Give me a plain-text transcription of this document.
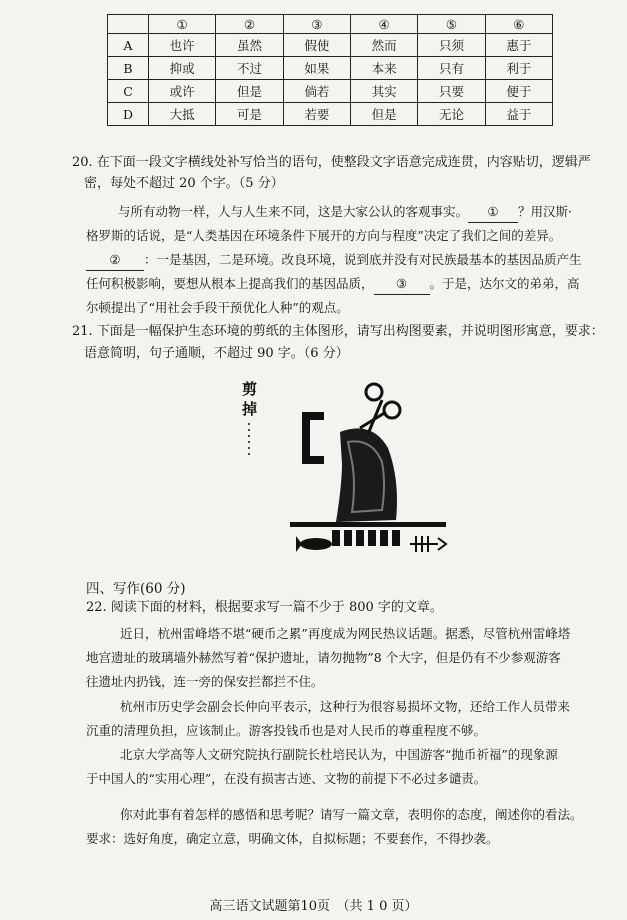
	①	②	③	④	⑤	⑥
A	也许	虽然	假使	然而	只须	惠于
B	抑或	不过	如果	本来	只有	利于
C	或许	但是	倘若	其实	只要	便于
D	大抵	可是	若要	但是	无论	益于
20. 在下面一段文字横线处补写恰当的语句，使整段文字语意完成连贯，内容贴切，逻辑严
密，每处不超过 20 个字。（5 分）
与所有动物一样，人与人生来不同，这是大家公认的客观事实。 ① ？用汉斯·
格罗斯的话说，是“人类基因在环境条件下展开的方向与程度”决定了我们之间的差异。
② ：一是基因，二是环境。改良环境，说到底并没有对民族最基本的基因品质产生
任何积极影响，要想从根本上提高我们的基因品质， ③ 。于是，达尔文的弟弟，高
尔顿提出了“用社会手段干预优化人种”的观点。
21. 下面是一幅保护生态环境的剪纸的主体图形，请写出构图要素，并说明图形寓意，要求：
语意简明，句子通顺，不超过 90 字。（6 分）
剪
掉
四、写作(60 分)
22. 阅读下面的材料，根据要求写一篇不少于 800 字的文章。
近日，杭州雷峰塔不堪“硬币之累”再度成为网民热议话题。据悉，尽管杭州雷峰塔
地宫遗址的玻璃墙外赫然写着“保护遗址，请勿抛物”8 个大字，但是仍有不少参观游客
往遗址内扔钱，连一旁的保安拦都拦不住。
杭州市历史学会副会长仲向平表示，这种行为很容易损坏文物，还给工作人员带来
沉重的清理负担，应该制止。游客投钱币也是对人民币的尊重程度不够。
北京大学高等人文研究院执行副院长杜培民认为，中国游客“抛币祈福”的现象源
于中国人的“实用心理”，在没有损害古迹、文物的前提下不必过多谴责。
你对此事有着怎样的感悟和思考呢？请写一篇文章，表明你的态度，阐述你的看法。
要求：选好角度，确定立意，明确文体，自拟标题；不要套作，不得抄袭。
高三语文试题第10页　（共 1 0 页）
